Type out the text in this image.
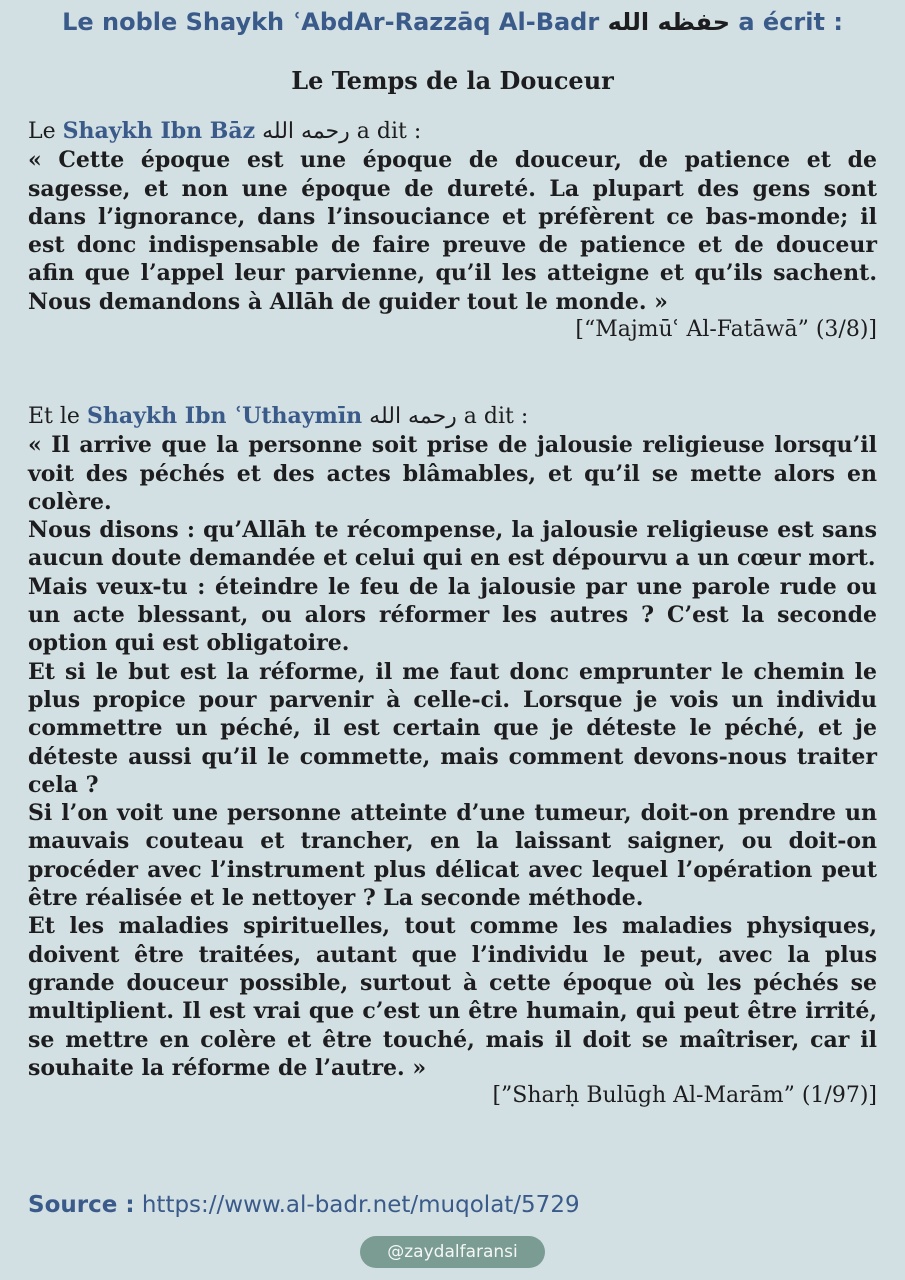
Le noble Shaykh ʿAbdAr-Razzāq Al-Badr حفظه الله a écrit :
Le Temps de la Douceur
Le Shaykh Ibn Bāz رحمه الله a dit :

« Cette époque est une époque de douceur, de patience et de sagesse, et non une époque de dureté. La plupart des gens sont dans l’ignorance, dans l’insouciance et préfèrent ce bas-monde; il est donc indispensable de faire preuve de patience et de douceur afin que l’appel leur parvienne, qu’il les atteigne et qu’ils sachent. Nous demandons à Allāh de guider tout le monde. »

[“Majmūʿ Al-Fatāwā” (3/8)]
Et le Shaykh Ibn ʿUthaymīn رحمه الله a dit :

« Il arrive que la personne soit prise de jalousie religieuse lorsqu’il voit des péchés et des actes blâmables, et qu’il se mette alors en colère.

Nous disons : qu’Allāh te récompense, la jalousie religieuse est sans aucun doute demandée et celui qui en est dépourvu a un cœur mort.

Mais veux-tu : éteindre le feu de la jalousie par une parole rude ou un acte blessant, ou alors réformer les autres ? C’est la seconde option qui est obligatoire.

Et si le but est la réforme, il me faut donc emprunter le chemin le plus propice pour parvenir à celle-ci. Lorsque je vois un individu commettre un péché, il est certain que je déteste le péché, et je déteste aussi qu’il le commette, mais comment devons-nous traiter cela ?

Si l’on voit une personne atteinte d’une tumeur, doit-on prendre un mauvais couteau et trancher, en la laissant saigner, ou doit-on procéder avec l’instrument plus délicat avec lequel l’opération peut être réalisée et le nettoyer ? La seconde méthode.

Et les maladies spirituelles, tout comme les maladies physiques, doivent être traitées, autant que l’individu le peut, avec la plus grande douceur possible, surtout à cette époque où les péchés se multiplient. Il est vrai que c’est un être humain, qui peut être irrité, se mettre en colère et être touché, mais il doit se maîtriser, car il souhaite la réforme de l’autre. »

[”Sharḥ Bulūgh Al-Marām” (1/97)]
Source : https://www.al-badr.net/muqolat/5729
@zaydalfaransi
